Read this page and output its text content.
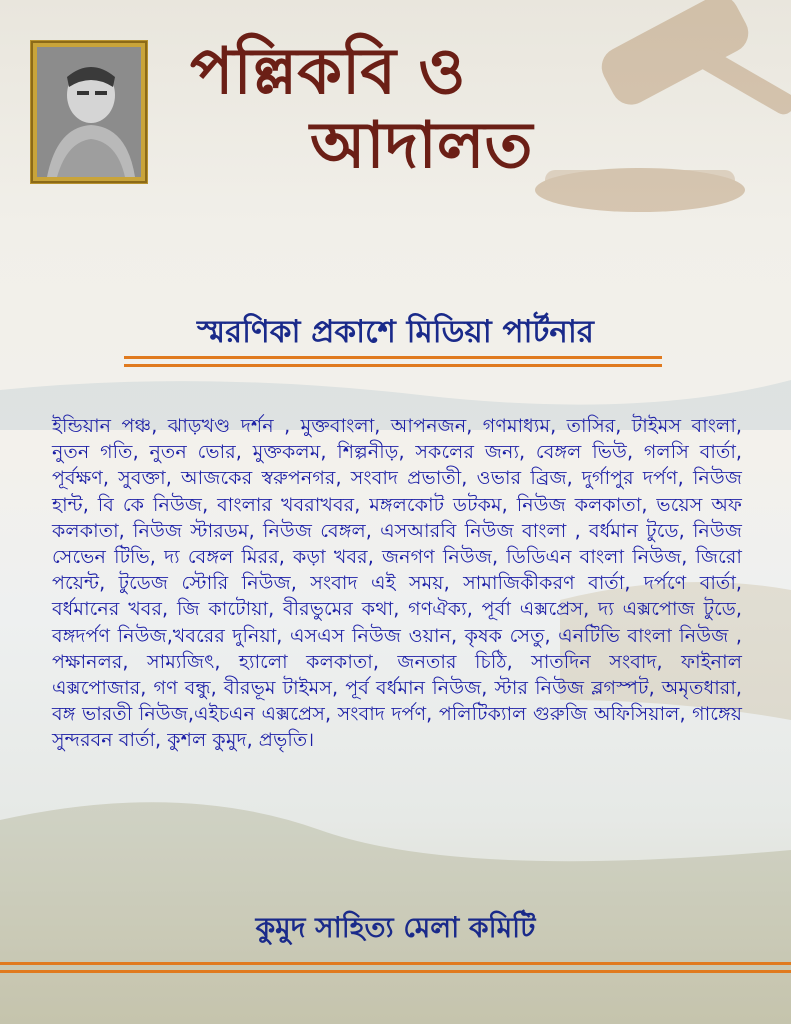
পল্লিকবি ও
আদালত
স্মরণিকা প্রকাশে মিডিয়া পার্টনার
ইন্ডিয়ান পঞ্চ, ঝাড়খণ্ড দর্শন , মুক্তবাংলা, আপনজন, গণমাধ্যম, তাসির, টাইমস বাংলা, নুতন গতি, নুতন ভোর, মুক্তকলম, শিল্পনীড়, সকলের জন্য, বেঙ্গল ভিউ, গলসি বার্তা, পূর্বক্ষণ, সুবক্তা, আজকের স্বরুপনগর, সংবাদ প্রভাতী, ওভার ব্রিজ, দুর্গাপুর দর্পণ, নিউজ হান্ট, বি কে নিউজ, বাংলার খবরাখবর, মঙ্গলকোট ডটকম, নিউজ কলকাতা, ভয়েস অফ কলকাতা, নিউজ স্টারডম, নিউজ বেঙ্গল, এসআরবি নিউজ বাংলা , বর্ধমান টুডে, নিউজ সেভেন টিভি, দ্য বেঙ্গল মিরর, কড়া খবর, জনগণ নিউজ, ডিডিএন বাংলা নিউজ, জিরো পয়েন্ট, টুডেজ স্টোরি নিউজ, সংবাদ এই সময়, সামাজিকীকরণ বার্তা, দর্পণে বার্তা, বর্ধমানের খবর, জি কাটোয়া, বীরভুমের কথা, গণঐক্য, পূর্বা এক্সপ্রেস, দ্য এক্সপোজ টুডে, বঙ্গদর্পণ নিউজ,খবরের দুনিয়া, এসএস নিউজ ওয়ান, কৃষক সেতু, এনটিভি বাংলা নিউজ , পক্ষানলর, সাম্যজিৎ, হ্যালো কলকাতা, জনতার চিঠি, সাতদিন সংবাদ, ফাইনাল এক্সপোজার, গণ বন্ধু, বীরভূম টাইমস, পূর্ব বর্ধমান নিউজ, স্টার নিউজ ব্লগস্পট, অমৃতধারা, বঙ্গ ভারতী নিউজ,এইচএন এক্সপ্রেস, সংবাদ দর্পণ, পলিটিক্যাল গুরুজি অফিসিয়াল, গাঙ্গেয় সুন্দরবন বার্তা, কুশল কুমুদ, প্রভৃতি।
কুমুদ সাহিত্য মেলা কমিটি
